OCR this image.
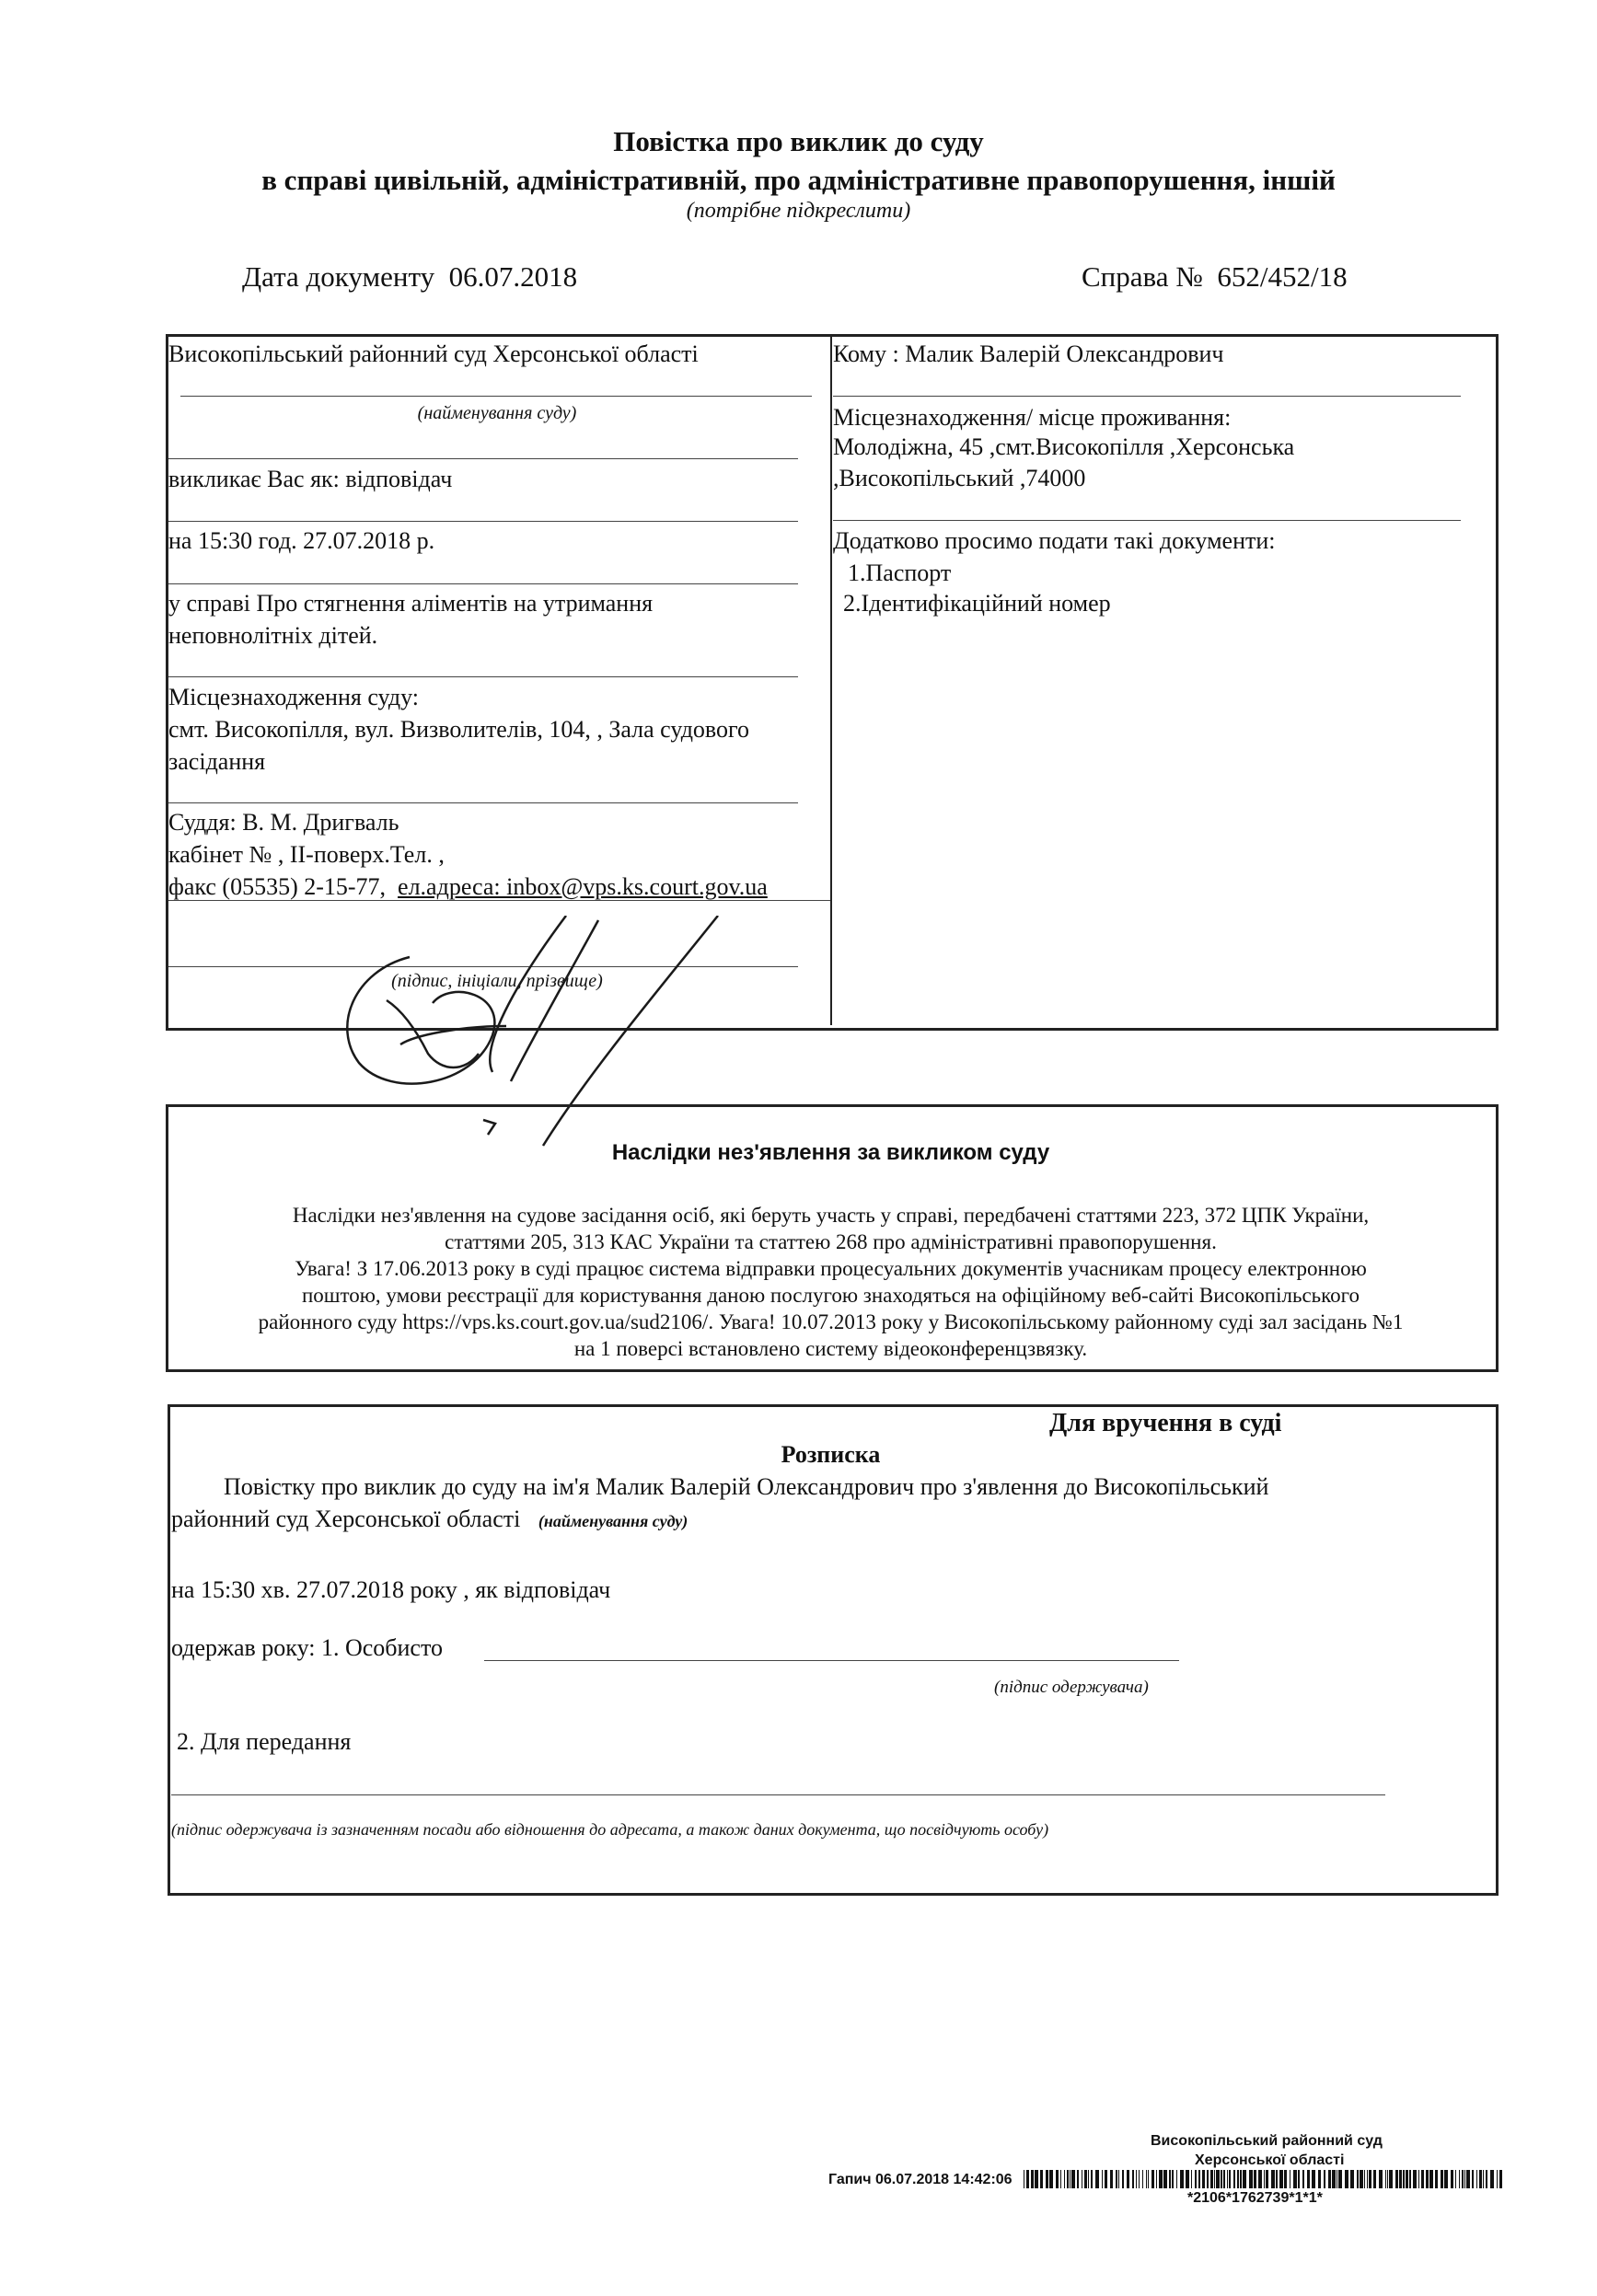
Повістка про виклик до суду
в справі цивільній, адміністративній, про адміністративне правопорушення, іншій
(потрібне підкреслити)
Дата документу 06.07.2018	Справа № 652/452/18
Високопільський районний суд Херсонської області
(найменування суду)
викликає Вас як: відповідач
на 15:30 год. 27.07.2018 р.
у справі Про стягнення аліментів на утримання
неповнолітніх дітей.
Місцезнаходження суду:
смт. Високопілля, вул. Визволителів, 104, , Зала судового
засідання
Суддя: В. М. Дригваль
кабінет № , ІІ-поверх.Тел. ,
факс (05535) 2-15-77, ел.адреса: inbox@vps.ks.court.gov.ua
(підпис, ініціали, прізвище)
Кому : Малик Валерій Олександрович
Місцезнаходження/ місце проживання:
Молодіжна, 45 ,смт.Високопілля ,Херсонська
,Високопільський ,74000
Додатково просимо подати такі документи:
1.Паспорт
2.Ідентифікаційний номер
Наслідки нез'явлення за викликом суду
Наслідки нез'явлення на судове засідання осіб, які беруть участь у справі, передбачені статтями 223, 372 ЦПК України,
статтями 205, 313 КАС України та статтею 268 про адміністративні правопорушення.
Увага! З 17.06.2013 року в суді працює система відправки процесуальних документів учасникам процесу електронною
поштою, умови реєстрації для користування даною послугою знаходяться на офіційному веб-сайті Високопільського
районного суду https://vps.ks.court.gov.ua/sud2106/. Увага! 10.07.2013 року у Високопільському районному суді зал засідань №1
на 1 поверсі встановлено систему відеоконференцзвязку.
Для вручення в суді
Розписка
Повістку про виклик до суду на ім'я Малик Валерій Олександрович про з'явлення до Високопільський
районний суд Херсонської області (найменування суду)
на 15:30 хв. 27.07.2018 року , як відповідач
одержав року: 1. Особисто
(підпис одержувача)
2. Для передання
(підпис одержувача із зазначенням посади або відношення до адресата, а також даних документа, що посвідчують особу)
Високопільський районний суд
Херсонської області
Гапич 06.07.2018 14:42:06
*2106*1762739*1*1*
